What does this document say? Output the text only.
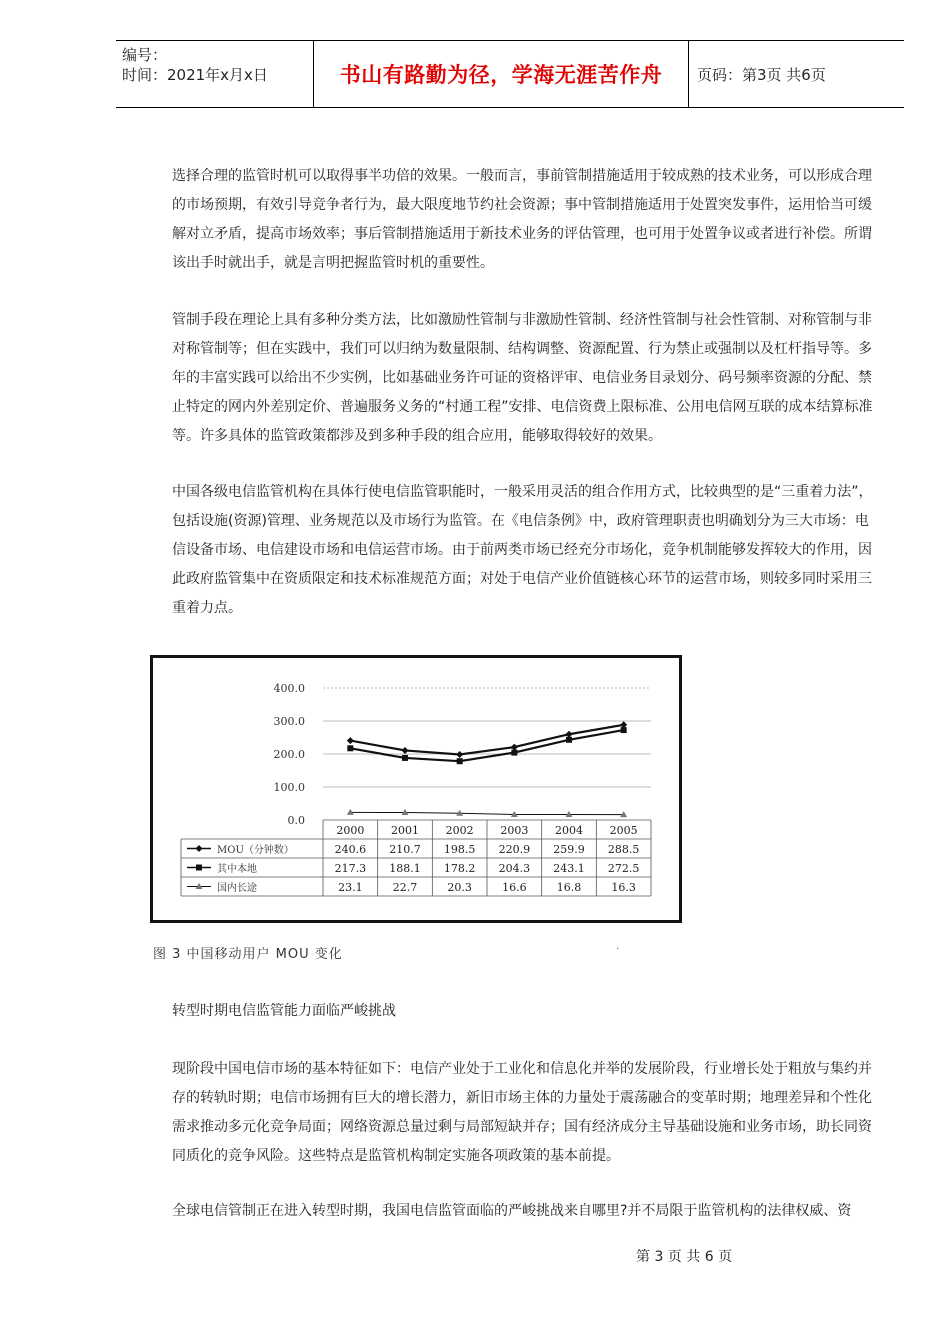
编号：
时间：2021年x月x日	书山有路勤为径，学海无涯苦作舟	页码：第3页 共6页

选择合理的监管时机可以取得事半功倍的效果。一般而言，事前管制措施适用于较成熟的技术业务，可以形成合理的市场预期，有效引导竞争者行为，最大限度地节约社会资源；事中管制措施适用于处置突发事件，运用恰当可缓解对立矛盾，提高市场效率；事后管制措施适用于新技术业务的评估管理，也可用于处置争议或者进行补偿。所谓该出手时就出手，就是言明把握监管时机的重要性。

管制手段在理论上具有多种分类方法，比如激励性管制与非激励性管制、经济性管制与社会性管制、对称管制与非对称管制等；但在实践中，我们可以归纳为数量限制、结构调整、资源配置、行为禁止或强制以及杠杆指导等。多年的丰富实践可以给出不少实例，比如基础业务许可证的资格评审、电信业务目录划分、码号频率资源的分配、禁止特定的网内外差别定价、普遍服务义务的“村通工程”安排、电信资费上限标准、公用电信网互联的成本结算标准等。许多具体的监管政策都涉及到多种手段的组合应用，能够取得较好的效果。

中国各级电信监管机构在具体行使电信监管职能时，一般采用灵活的组合作用方式，比较典型的是“三重着力法”，包括设施(资源)管理、业务规范以及市场行为监管。在《电信条例》中，政府管理职责也明确划分为三大市场：电信设备市场、电信建设市场和电信运营市场。由于前两类市场已经充分市场化，竞争机制能够发挥较大的作用，因此政府监管集中在资质限定和技术标准规范方面；对处于电信产业价值链核心环节的运营市场，则较多同时采用三重着力点。

400.0
300.0
200.0
100.0
0.0
2000 2001 2002 2003 2004 2005
MOU（分钟数）	240.6 210.7 198.5 220.9 259.9 288.5
其中本地	217.3 188.1 178.2 204.3 243.1 272.5
国内长途	23.1	22.7	20.3	16.6	16.8	16.3
图 3 中国移动用户 MOU 变化	·
转型时期电信监管能力面临严峻挑战

现阶段中国电信市场的基本特征如下：电信产业处于工业化和信息化并举的发展阶段，行业增长处于粗放与集约并存的转轨时期；电信市场拥有巨大的增长潜力，新旧市场主体的力量处于震荡融合的变革时期；地理差异和个性化需求推动多元化竞争局面；网络资源总量过剩与局部短缺并存；国有经济成分主导基础设施和业务市场，助长同资同质化的竞争风险。这些特点是监管机构制定实施各项政策的基本前提。

全球电信管制正在进入转型时期，我国电信监管面临的严峻挑战来自哪里?并不局限于监管机构的法律权威、资

第 3 页 共 6 页
